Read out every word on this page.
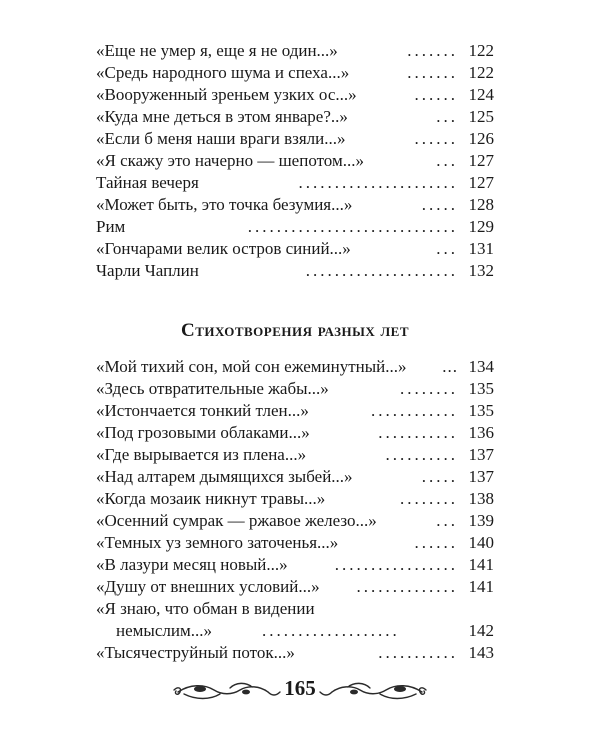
«Еще не умер я, еще я не один...»	....... 122
«Средь народного шума и спеха...»	....... 122
«Вооруженный зреньем узких ос...»	...... 124
«Куда мне деться в этом январе?..»	... 125
«Если б меня наши враги взяли...»	...... 126
«Я скажу это начерно — шепотом...»	... 127
Тайная вечеря	...................... 127
«Может быть, это точка безумия...»	..... 128
Рим	............................. 129
«Гончарами велик остров синий...»	... 131
Чарли Чаплин	..................... 132
Стихотворения разных лет
«Мой тихий сон, мой сон ежеминутный...» ... 134
«Здесь отвратительные жабы...»	........ 135
«Истончается тонкий тлен...»	............ 135
«Под грозовыми облаками...»	........... 136
«Где вырывается из плена...»	.......... 137
«Над алтарем дымящихся зыбей...»	..... 137
«Когда мозаик никнут травы...»	........ 138
«Осенний сумрак — ржавое железо...»	... 139
«Темных уз земного заточенья...»	...... 140
«В лазури месяц новый...»	................. 141
«Душу от внешних условий...»	.............. 141
«Я знаю, что обман в видении
немыслим...»	...................	142
«Тысячеструйный поток...»	........... 143
165
